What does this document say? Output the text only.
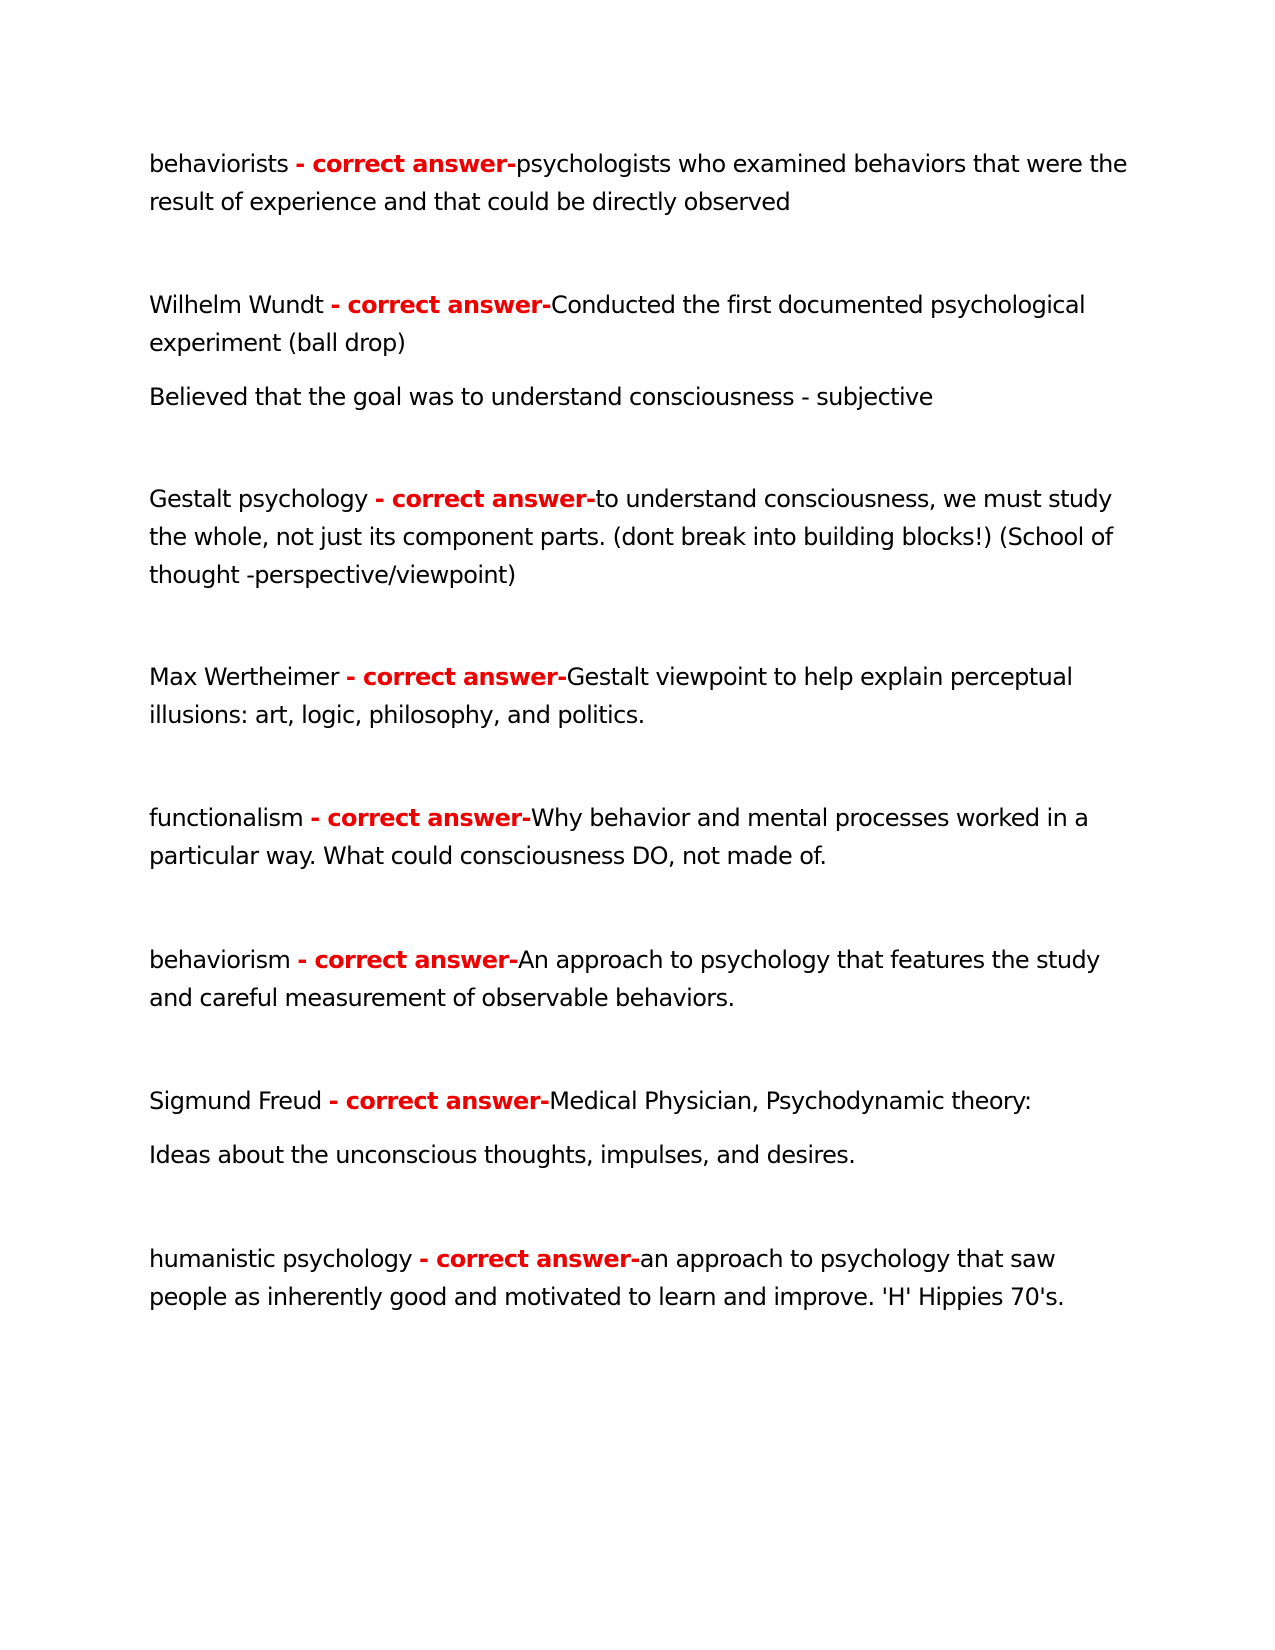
behaviorists - correct answer-psychologists who examined behaviors that were the result of experience and that could be directly observed

Wilhelm Wundt - correct answer-Conducted the first documented psychological experiment (ball drop)

Believed that the goal was to understand consciousness - subjective

Gestalt psychology - correct answer-to understand consciousness, we must study the whole, not just its component parts. (dont break into building blocks!) (School of thought -perspective/viewpoint)

Max Wertheimer - correct answer-Gestalt viewpoint to help explain perceptual illusions: art, logic, philosophy, and politics.

functionalism - correct answer-Why behavior and mental processes worked in a particular way. What could consciousness DO, not made of.

behaviorism - correct answer-An approach to psychology that features the study and careful measurement of observable behaviors.

Sigmund Freud - correct answer-Medical Physician, Psychodynamic theory:

Ideas about the unconscious thoughts, impulses, and desires.

humanistic psychology - correct answer-an approach to psychology that saw people as inherently good and motivated to learn and improve. 'H' Hippies 70's.
